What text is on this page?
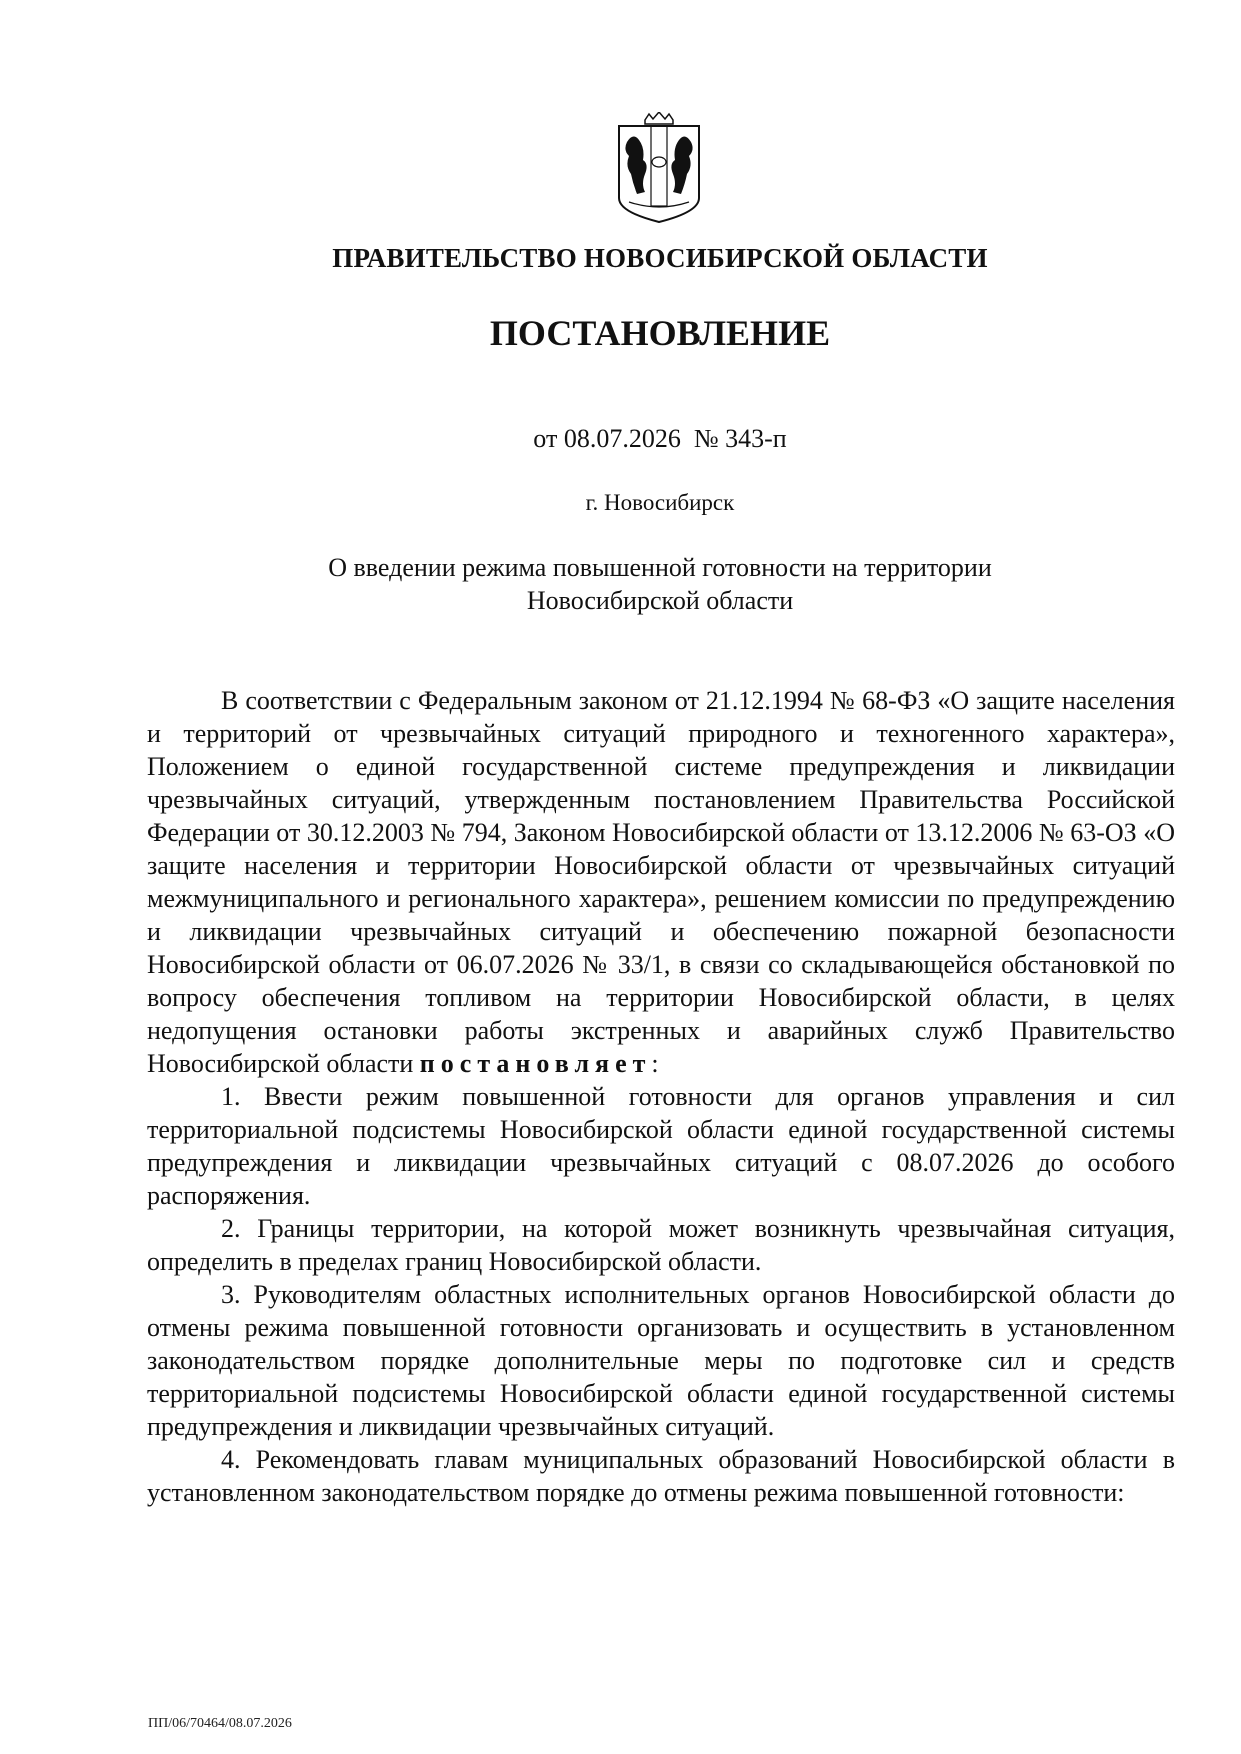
ПРАВИТЕЛЬСТВО НОВОСИБИРСКОЙ ОБЛАСТИ
ПОСТАНОВЛЕНИЕ
от 08.07.2026  № 343-п
г. Новосибирск
О введении режима повышенной готовности на территории
Новосибирской области

В соответствии с Федеральным законом от 21.12.1994 № 68-ФЗ «О защите населения и территорий от чрезвычайных ситуаций природного и техногенного характера», Положением о единой государственной системе предупреждения и ликвидации чрезвычайных ситуаций, утвержденным постановлением Правительства Российской Федерации от 30.12.2003 № 794, Законом Новосибирской области от 13.12.2006 № 63-ОЗ «О защите населения и территории Новосибирской области от чрезвычайных ситуаций межмуниципального и регионального характера», решением комиссии по предупреждению и ликвидации чрезвычайных ситуаций и обеспечению пожарной безопасности Новосибирской области от 06.07.2026 № 33/1, в связи со складывающейся обстановкой по вопросу обеспечения топливом на территории Новосибирской области, в целях недопущения остановки работы экстренных и аварийных служб Правительство Новосибирской области постановляет:

1. Ввести режим повышенной готовности для органов управления и сил территориальной подсистемы Новосибирской области единой государственной системы предупреждения и ликвидации чрезвычайных ситуаций с 08.07.2026 до особого распоряжения.

2. Границы территории, на которой может возникнуть чрезвычайная ситуация, определить в пределах границ Новосибирской области.

3. Руководителям областных исполнительных органов Новосибирской области до отмены режима повышенной готовности организовать и осуществить в установленном законодательством порядке дополнительные меры по подготовке сил и средств территориальной подсистемы Новосибирской области единой государственной системы предупреждения и ликвидации чрезвычайных ситуаций.

4. Рекомендовать главам муниципальных образований Новосибирской области в установленном законодательством порядке до отмены режима повышенной готовности:

ПП/06/70464/08.07.2026
